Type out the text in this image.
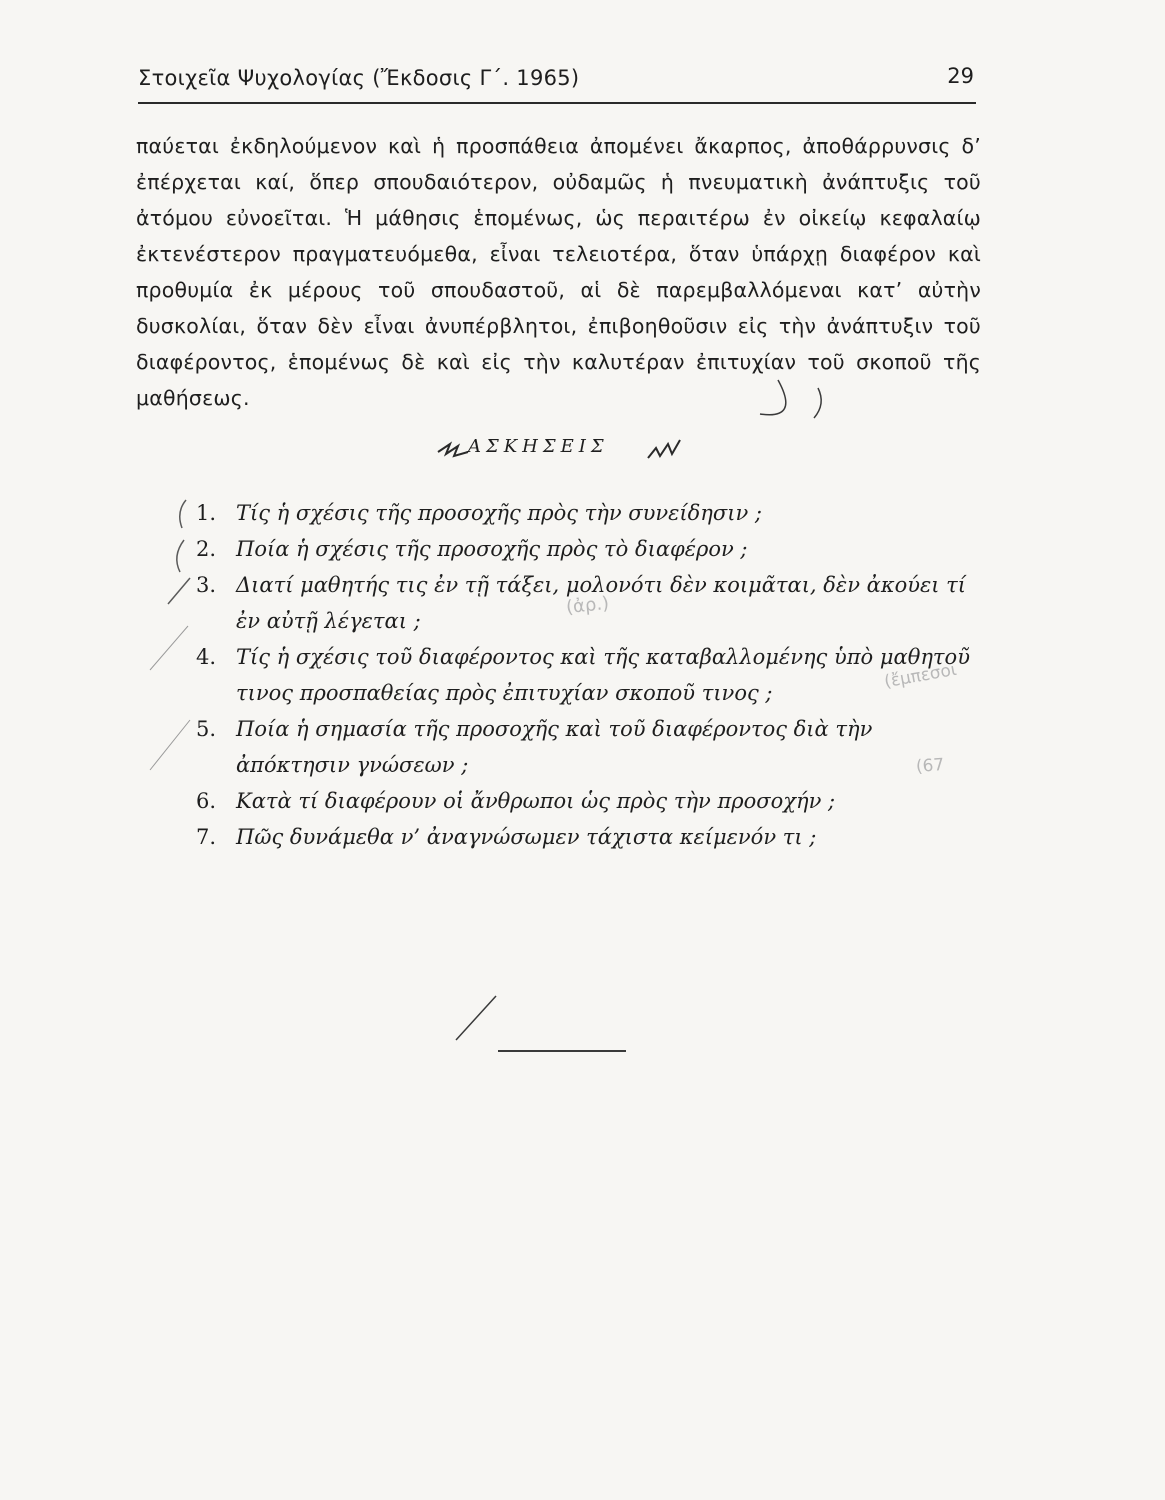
Στοιχεῖα Ψυχολογίας (Ἔκδοσις Γ΄. 1965)	29

παύεται ἐκδηλούμενον καὶ ἡ προσπάθεια ἀπομένει ἄκαρπος, ἀποθάρρυνσις δ’ ἐπέρχεται καί, ὅπερ σπουδαιότερον, οὐδαμῶς ἡ πνευματικὴ ἀνάπτυξις τοῦ ἀτόμου εὐνοεῖται. Ἡ μάθησις ἑπομένως, ὡς περαιτέρω ἐν οἰκείῳ κεφαλαίῳ ἐκτενέστερον πραγματευόμεθα, εἶναι τελειοτέρα, ὅταν ὑπάρχῃ διαφέρον καὶ προθυμία ἐκ μέρους τοῦ σπουδαστοῦ, αἱ δὲ παρεμβαλλόμεναι κατ’ αὐτὴν δυσκολίαι, ὅταν δὲν εἶναι ἀνυπέρβλητοι, ἐπιβοηθοῦσιν εἰς τὴν ἀνάπτυξιν τοῦ διαφέροντος, ἑπομένως δὲ καὶ εἰς τὴν καλυτέραν ἐπιτυχίαν τοῦ σκοποῦ τῆς μαθήσεως.

ΑΣΚΗΣΕΙΣ
1. Τίς ἡ σχέσις τῆς προσοχῆς πρὸς τὴν συνείδησιν ;
2. Ποία ἡ σχέσις τῆς προσοχῆς πρὸς τὸ διαφέρον ;
3. Διατί μαθητής τις ἐν τῇ τάξει, μολονότι δὲν κοιμᾶται, δὲν ἀκούει τί ἐν αὐτῇ λέγεται ;
4. Τίς ἡ σχέσις τοῦ διαφέροντος καὶ τῆς καταβαλλομένης ὑπὸ μαθητοῦ τινος προσπαθείας πρὸς ἐπιτυχίαν σκοποῦ τινος ;
5. Ποία ἡ σημασία τῆς προσοχῆς καὶ τοῦ διαφέροντος διὰ τὴν ἀπόκτησιν γνώσεων ;
6. Κατὰ τί διαφέρουν οἱ ἄνθρωποι ὡς πρὸς τὴν προσοχήν ;
7. Πῶς δυνάμεθα ν’ ἀναγνώσωμεν τάχιστα κείμενόν τι ;
(ἀρ.)
(ἔμπεσοι
(67
